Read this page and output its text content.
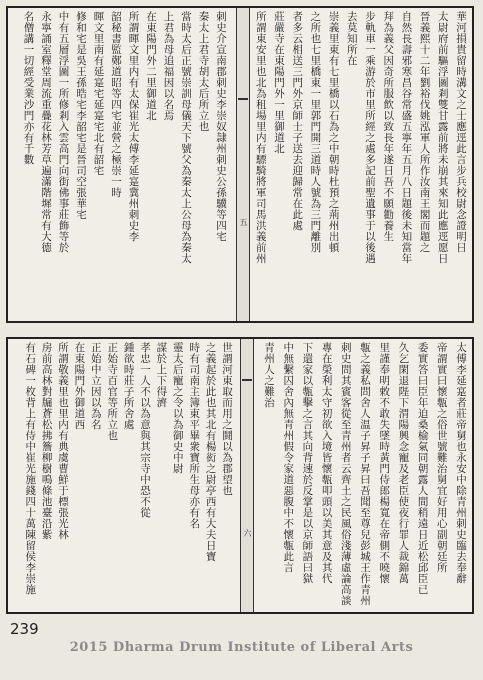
華河損貴留時溝文之士應逕此言步兵校尉念證明日
太尉府前驅浮圖剎雙甘露前將未崩其來知此應逕愿日
晉義熙十二年劉裕伐姚泓軍人所作汝南王閣而題之
自然長壽邪寒昌谷常盛五寧年五月八日題後未知當年
拜為義父因奇所服飲以致長年遂日吾不願勸養生
步軌車一乘游於市里所經之處多記前聖遺事于以後遇
去莫知所在
崇義里東有七里橋以石為之中朝時杜預之荊州出頓
之所也七里橋東一里郭門開三道時人號為三門離別
者多云相送三門外京師士子送去迎歸常在此處
莊嚴寺在東陽門外一里御道北
所謂東安里也北為租場里内有驃騎將軍司馬洪義前州
五
刺史介宣南郡刺史李崇奴隷州刺史公孫驥等四宅
秦太上君寺胡太后所立也
當時太后正號崇訓母儀天下號父為秦太上公母為秦太
上君為母追福因以名焉
在東陽門外二里御道北
所謂暉文里内有太保崔光太傅李延寔冀州刺史李
韶秘書監鄭道昭等四宅並營之極崇一時
暉文里南有延寔宅延寔宅北有韶宅
修和宅是吳王孫晧宅李韶宅是晉司空張華宅
中有五層浮圖一所修剎入雲高門向街佛事莊飾等於
永寧誦室釋堂周流重疊花林芳草遍滿階墀常有大德
名僧講一切經受業沙門亦有千數
太傅李延寔者莊帝舅也永安中除青州刺史臨去奉辭
帝謂實曰懷甎之俗世號難治舅宜好用心副朝廷所
委實答曰臣年迫桑榆氣同朝露人間稍遠日近松邱臣已
久乞閑退陛下渭陽興念寵及老臣使夜行罪人裁錦萬
里謹奉明敕不敢失墜時黃門侍郎楊寬在帝側不曉懷
甎之義私問舍人温子昇子昇曰吾聞至尊兒彭城王作青州
刺史問其賓客從至青州者云齊土之民風俗淺薄虛論高談
專在榮利太守初欲入境皆懷甎叩頭以美其意及其代
下還家以甎擊之言其向背速於反掌是以京師語曰獄
中無繫囚舍內無青州假令家道惡腹中不懷甎此言
青州人之難治
六
世謂河東取而用之鬪以為郡望也
之義起於此也其北有楊衒之尉亭西有大夫日寶
時有司南主簿東平畢衆寶所生母亦有名
靈太后寵之令以為御史中尉
謀於上下得濟
孝忠一人不以為意與其宗寺中恐不從
鍾欲時莊子所舍處
正始寺百官等所立也
正始中立因以為名
在東陽門外御道西
所謂敬義里也里内有典虞曹鮮于標張光林
房前高林對牖蒼松拂簷柳樹鳴條池臺沿紫
有石碑一枚背上有侍中崔光施錢四十萬陳留侯李崇施
239
2015 Dharma Drum Institute of Liberal Arts
